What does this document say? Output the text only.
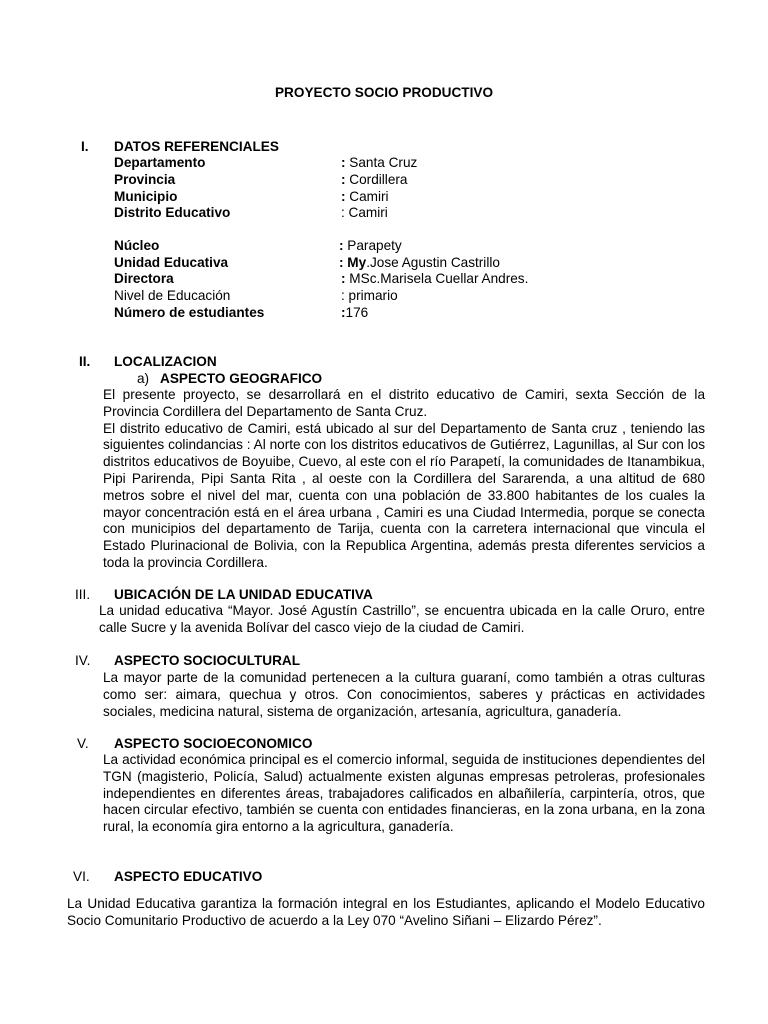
PROYECTO SOCIO PRODUCTIVO
I. DATOS REFERENCIALES
Departamento	: Santa Cruz
Provincia	: Cordillera
Municipio	: Camiri
Distrito Educativo	: Camiri
Núcleo	: Parapety
Unidad Educativa	: My.Jose Agustin Castrillo
Directora	: MSc.Marisela Cuellar Andres.
Nivel de Educación	: primario
Número de estudiantes	:176
II. LOCALIZACION
a) ASPECTO GEOGRAFICO

El presente proyecto, se desarrollará en el distrito educativo de Camiri, sexta Sección de la Provincia Cordillera del Departamento de Santa Cruz.

El distrito educativo de Camiri, está ubicado al sur del Departamento de Santa cruz , teniendo las siguientes colindancias : Al norte con los distritos educativos de Gutiérrez, Lagunillas, al Sur con los distritos educativos de Boyuibe, Cuevo, al este con el río Parapetí, la comunidades de Itanambikua, Pipi Parirenda, Pipi Santa Rita , al oeste con la Cordillera del Sararenda, a una altitud de 680 metros sobre el nivel del mar, cuenta con una población de 33.800 habitantes de los cuales la mayor concentración está en el área urbana , Camiri es una Ciudad Intermedia, porque se conecta con municipios del departamento de Tarija, cuenta con la carretera internacional que vincula el Estado Plurinacional de Bolivia, con la Republica Argentina, además presta diferentes servicios a toda la provincia Cordillera.

III. UBICACIÓN DE LA UNIDAD EDUCATIVA

La unidad educativa “Mayor. José Agustín Castrillo”, se encuentra ubicada en la calle Oruro, entre calle Sucre y la avenida Bolívar del casco viejo de la ciudad de Camiri.

IV. ASPECTO SOCIOCULTURAL

La mayor parte de la comunidad pertenecen a la cultura guaraní, como también a otras culturas como ser: aimara, quechua y otros. Con conocimientos, saberes y prácticas en actividades sociales, medicina natural, sistema de organización, artesanía, agricultura, ganadería.

V. ASPECTO SOCIOECONOMICO

La actividad económica principal es el comercio informal, seguida de instituciones dependientes del TGN (magisterio, Policía, Salud) actualmente existen algunas empresas petroleras, profesionales independientes en diferentes áreas, trabajadores calificados en albañilería, carpintería, otros, que hacen circular efectivo, también se cuenta con entidades financieras, en la zona urbana, en la zona rural, la economía gira entorno a la agricultura, ganadería.

VI. ASPECTO EDUCATIVO

La Unidad Educativa garantiza la formación integral en los Estudiantes, aplicando el Modelo Educativo Socio Comunitario Productivo de acuerdo a la Ley 070 “Avelino Siñani – Elizardo Pérez”.
